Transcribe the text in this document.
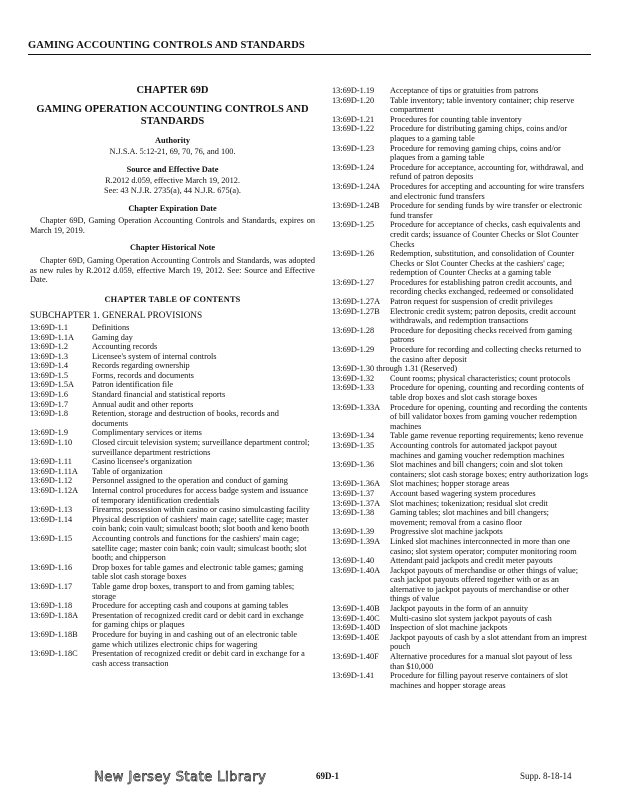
GAMING ACCOUNTING CONTROLS AND STANDARDS
CHAPTER 69D
GAMING OPERATION ACCOUNTING CONTROLS AND STANDARDS
Authority
N.J.S.A. 5:12-21, 69, 70, 76, and 100.
Source and Effective Date
R.2012 d.059, effective March 19, 2012.
See: 43 N.J.R. 2735(a), 44 N.J.R. 675(a).
Chapter Expiration Date
Chapter 69D, Gaming Operation Accounting Controls and Standards, expires on March 19, 2019.
Chapter Historical Note
Chapter 69D, Gaming Operation Accounting Controls and Standards, was adopted as new rules by R.2012 d.059, effective March 19, 2012. See: Source and Effective Date.
CHAPTER TABLE OF CONTENTS
SUBCHAPTER 1. GENERAL PROVISIONS
13:69D-1.1	Definitions
13:69D-1.1A	Gaming day
13:69D-1.2	Accounting records
13:69D-1.3	Licensee's system of internal controls
13:69D-1.4	Records regarding ownership
13:69D-1.5	Forms, records and documents
13:69D-1.5A	Patron identification file
13:69D-1.6	Standard financial and statistical reports
13:69D-1.7	Annual audit and other reports
13:69D-1.8	Retention, storage and destruction of books, records and documents
13:69D-1.9	Complimentary services or items
13:69D-1.10	Closed circuit television system; surveillance department control; surveillance department restrictions
13:69D-1.11	Casino licensee's organization
13:69D-1.11A	Table of organization
13:69D-1.12	Personnel assigned to the operation and conduct of gaming
13:69D-1.12A	Internal control procedures for access badge system and issuance of temporary identification credentials
13:69D-1.13	Firearms; possession within casino or casino simulcasting facility
13:69D-1.14	Physical description of cashiers' main cage; satellite cage; master coin bank; coin vault; simulcast booth; slot booth and keno booth
13:69D-1.15	Accounting controls and functions for the cashiers' main cage; satellite cage; master coin bank; coin vault; simulcast booth; slot booth; and chipperson
13:69D-1.16	Drop boxes for table games and electronic table games; gaming table slot cash storage boxes
13:69D-1.17	Table game drop boxes, transport to and from gaming tables; storage
13:69D-1.18	Procedure for accepting cash and coupons at gaming tables
13:69D-1.18A	Presentation of recognized credit card or debit card in exchange for gaming chips or plaques
13:69D-1.18B	Procedure for buying in and cashing out of an electronic table game which utilizes electronic chips for wagering
13:69D-1.18C	Presentation of recognized credit or debit card in exchange for a cash access transaction
13:69D-1.19	Acceptance of tips or gratuities from patrons
13:69D-1.20	Table inventory; table inventory container; chip reserve compartment
13:69D-1.21	Procedures for counting table inventory
13:69D-1.22	Procedure for distributing gaming chips, coins and/or plaques to a gaming table
13:69D-1.23	Procedure for removing gaming chips, coins and/or plaques from a gaming table
13:69D-1.24	Procedure for acceptance, accounting for, withdrawal, and refund of patron deposits
13:69D-1.24A	Procedures for accepting and accounting for wire transfers and electronic fund transfers
13:69D-1.24B	Procedure for sending funds by wire transfer or electronic fund transfer
13:69D-1.25	Procedure for acceptance of checks, cash equivalents and credit cards; issuance of Counter Checks or Slot Counter Checks
13:69D-1.26	Redemption, substitution, and consolidation of Counter Checks or Slot Counter Checks at the cashiers' cage; redemption of Counter Checks at a gaming table
13:69D-1.27	Procedures for establishing patron credit accounts, and recording checks exchanged, redeemed or consolidated
13:69D-1.27A	Patron request for suspension of credit privileges
13:69D-1.27B	Electronic credit system; patron deposits, credit account withdrawals, and redemption transactions
13:69D-1.28	Procedure for depositing checks received from gaming patrons
13:69D-1.29	Procedure for recording and collecting checks returned to the casino after deposit
13:69D-1.30 through 1.31 (Reserved)
13:69D-1.32	Count rooms; physical characteristics; count protocols
13:69D-1.33	Procedure for opening, counting and recording contents of table drop boxes and slot cash storage boxes
13:69D-1.33A	Procedure for opening, counting and recording the contents of bill validator boxes from gaming voucher redemption machines
13:69D-1.34	Table game revenue reporting requirements; keno revenue
13:69D-1.35	Accounting controls for automated jackpot payout machines and gaming voucher redemption machines
13:69D-1.36	Slot machines and bill changers; coin and slot token containers; slot cash storage boxes; entry authorization logs
13:69D-1.36A	Slot machines; hopper storage areas
13:69D-1.37	Account based wagering system procedures
13:69D-1.37A	Slot machines; tokenization; residual slot credit
13:69D-1.38	Gaming tables; slot machines and bill changers; movement; removal from a casino floor
13:69D-1.39	Progressive slot machine jackpots
13:69D-1.39A	Linked slot machines interconnected in more than one casino; slot system operator; computer monitoring room
13:69D-1.40	Attendant paid jackpots and credit meter payouts
13:69D-1.40A	Jackpot payouts of merchandise or other things of value; cash jackpot payouts offered together with or as an alternative to jackpot payouts of merchandise or other things of value
13:69D-1.40B	Jackpot payouts in the form of an annuity
13:69D-1.40C	Multi-casino slot system jackpot payouts of cash
13:69D-1.40D	Inspection of slot machine jackpots
13:69D-1.40E	Jackpot payouts of cash by a slot attendant from an imprest pouch
13:69D-1.40F	Alternative procedures for a manual slot payout of less than $10,000
13:69D-1.41	Procedure for filling payout reserve containers of slot machines and hopper storage areas
New Jersey State Library	69D-1	Supp. 8-18-14
